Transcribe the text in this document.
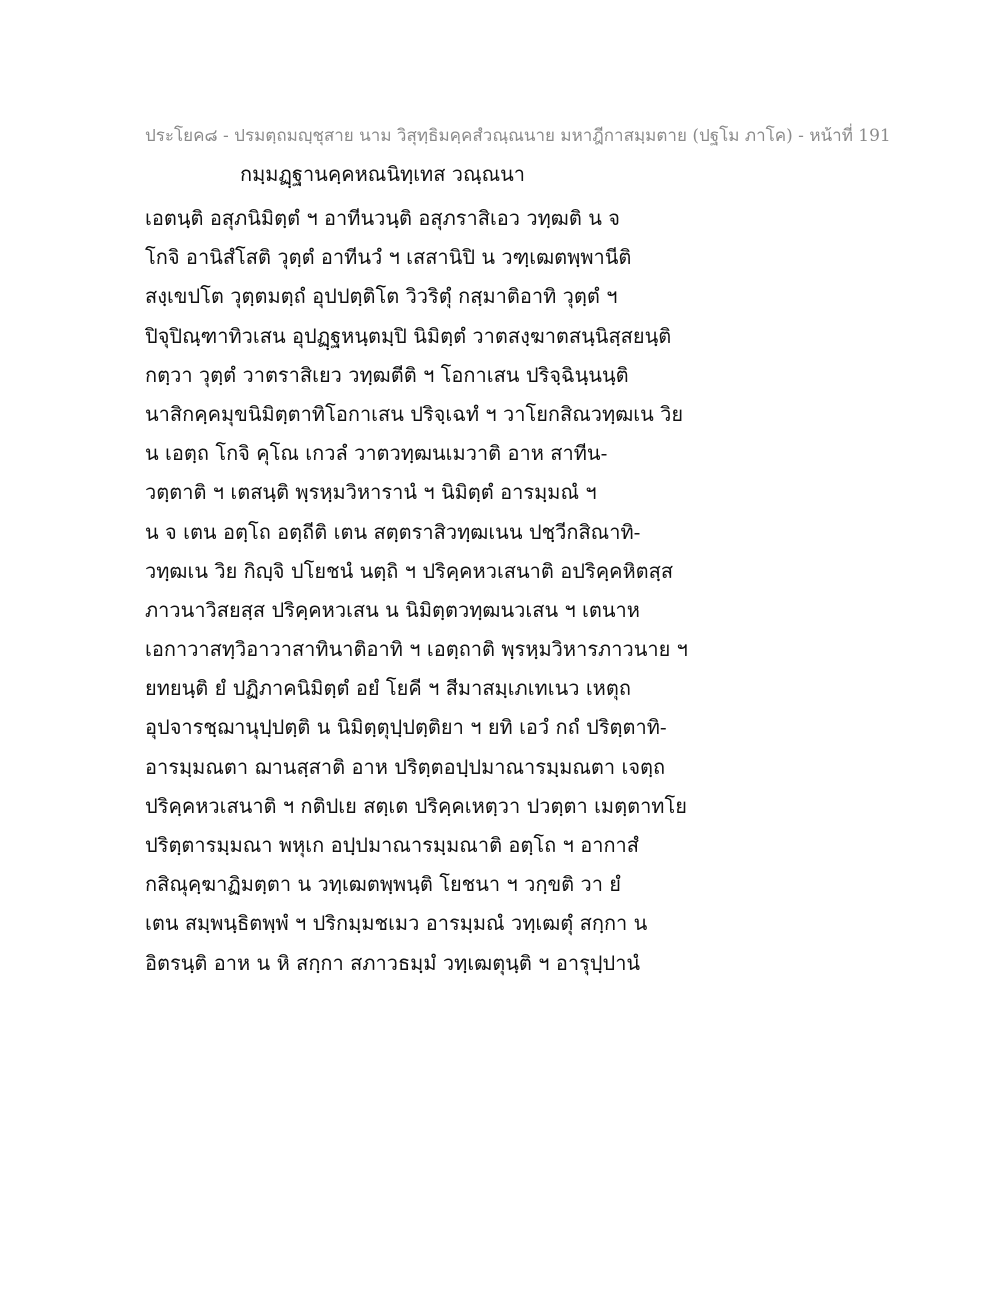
ประโยค๘ - ปรมตฺถมญฺชุสาย นาม วิสุทฺธิมคฺคสํวณฺณนาย มหาฎีกาสมฺมตาย (ปฐโม ภาโค) - หน้าที่ 191
กมฺมฏฺฐานคฺคหณนิทฺเทส วณฺณนา
เอตนฺติ อสุภนิมิตฺตํ ฯ อาทีนวนฺติ อสุภราสิเอว วทฺฒติ น จ
โกจิ อานิสํโสติ วุตฺตํ อาทีนวํ ฯ เสสานิปิ น วฑฺเฒตพฺพานีติ
สงฺเขปโต วุตฺตมตฺถํ อุปปตฺติโต วิวริตุํ กสฺมาติอาทิ วุตฺตํ ฯ
ปิจุปิณฺฑาทิวเสน อุปฏฺฐหนฺตมฺปิ นิมิตฺตํ วาตสงฺฆาตสนฺนิสฺสยนฺติ
กตฺวา วุตฺตํ วาตราสิเยว วทฺฒตีติ ฯ โอกาเสน ปริจฺฉินฺนนฺติ
นาสิกคฺคมุขนิมิตฺตาทิโอกาเสน ปริจฺเฉทํ ฯ วาโยกสิณวทฺฒเน วิย
น เอตฺถ โกจิ คุโณ เกวลํ วาตวทฺฒนเมวาติ อาห สาทีน-
วตฺตาติ ฯ เตสนฺติ พฺรหฺมวิหารานํ ฯ นิมิตฺตํ อารมฺมณํ ฯ
น จ เตน อตฺโถ อตฺถีติ เตน สตฺตราสิวทฺฒเนน ปชฺวีกสิณาทิ-
วทฺฒเน วิย กิญฺจิ ปโยชนํ นตฺถิ ฯ ปริคฺคหวเสนาติ อปริคฺคหิตสฺส
ภาวนาวิสยสฺส ปริคฺคหวเสน น นิมิตฺตวทฺฒนวเสน ฯ เตนาห
เอกาวาสทฺวิอาวาสาทินาติอาทิ ฯ เอตฺถาติ พฺรหฺมวิหารภาวนาย ฯ
ยทยนฺติ ยํ ปฏิภาคนิมิตฺตํ อยํ โยคี ฯ สีมาสมฺเภเทเนว เหตุถ
อุปจารชฺฌานุปฺปตฺติ น นิมิตฺตุปฺปตฺติยา ฯ ยทิ เอวํ กถํ ปริตฺตาทิ-
อารมฺมณตา ฌานสฺสาติ อาห ปริตฺตอปฺปมาณารมฺมณตา เจตฺถ
ปริคฺคหวเสนาติ ฯ กติปเย สตฺเต ปริคฺคเหตฺวา ปวตฺตา เมตฺตาทโย
ปริตฺตารมฺมณา พหุเก อปฺปมาณารมฺมณาติ อตฺโถ ฯ อากาสํ
กสิณุคฺฆาฏิมตฺตา น วทฺเฒตพฺพนฺติ โยชนา ฯ วกฺขติ วา ยํ
เตน สมฺพนฺธิตพฺพํ ฯ ปริกมฺมชเมว อารมฺมณํ วทฺเฒตุํ สกฺกา น
อิตรนฺติ อาห น หิ สกฺกา สภาวธมฺมํ วทฺเฒตุนฺติ ฯ อารุปฺปานํ
